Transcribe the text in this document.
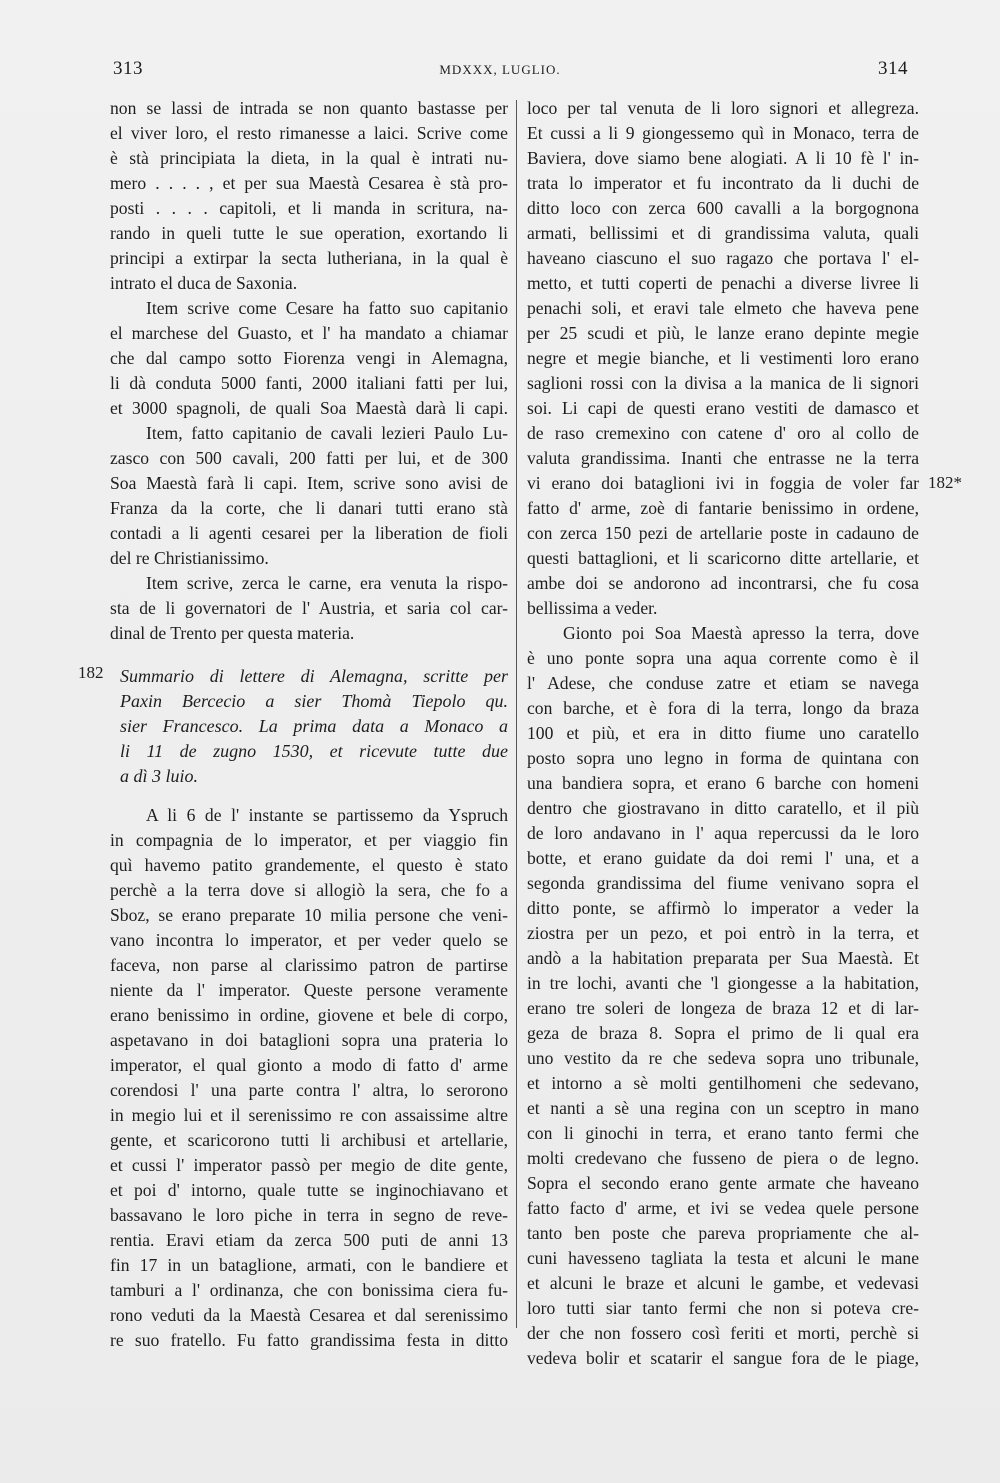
313	MDXXX, LUGLIO.	314
182
182*
non se lassi de intrada se non quanto bastasse per
el viver loro, el resto rimanesse a laici. Scrive come
è stà principiata la dieta, in la qual è intrati nu-
mero . . . . , et per sua Maestà Cesarea è stà pro-
posti . . . . capitoli, et li manda in scritura, na-
rando in queli tutte le sue operation, exortando li
principi a extirpar la secta lutheriana, in la qual è
intrato el duca de Saxonia.
Item scrive come Cesare ha fatto suo capitanio
el marchese del Guasto, et l' ha mandato a chiamar
che dal campo sotto Fiorenza vengi in Alemagna,
li dà conduta 5000 fanti, 2000 italiani fatti per lui,
et 3000 spagnoli, de quali Soa Maestà darà li capi.
Item, fatto capitanio de cavali lezieri Paulo Lu-
zasco con 500 cavali, 200 fatti per lui, et de 300
Soa Maestà farà li capi. Item, scrive sono avisi de
Franza da la corte, che li danari tutti erano stà
contadi a li agenti cesarei per la liberation de fioli
del re Christianissimo.
Item scrive, zerca le carne, era venuta la rispo-
sta de li governatori de l' Austria, et saria col car-
dinal de Trento per questa materia.
Summario di lettere di Alemagna, scritte per
Paxin Bercecio a sier Thomà Tiepolo qu.
sier Francesco. La prima data a Monaco a
li 11 de zugno 1530, et ricevute tutte due
a dì 3 luio.
A li 6 de l' instante se partissemo da Yspruch
in compagnia de lo imperator, et per viaggio fin
quì havemo patito grandemente, el questo è stato
perchè a la terra dove si allogiò la sera, che fo a
Sboz, se erano preparate 10 milia persone che veni-
vano incontra lo imperator, et per veder quelo se
faceva, non parse al clarissimo patron de partirse
niente da l' imperator. Queste persone veramente
erano benissimo in ordine, giovene et bele di corpo,
aspetavano in doi bataglioni sopra una prateria lo
imperator, el qual gionto a modo di fatto d' arme
corendosi l' una parte contra l' altra, lo serorono
in megio lui et il serenissimo re con assaissime altre
gente, et scaricorono tutti li archibusi et artellarie,
et cussi l' imperator passò per megio de dite gente,
et poi d' intorno, quale tutte se inginochiavano et
bassavano le loro piche in terra in segno de reve-
rentia. Eravi etiam da zerca 500 puti de anni 13
fin 17 in un bataglione, armati, con le bandiere et
tamburi a l' ordinanza, che con bonissima ciera fu-
rono veduti da la Maestà Cesarea et dal serenissimo
re suo fratello. Fu fatto grandissima festa in ditto
loco per tal venuta de li loro signori et allegreza.
Et cussi a li 9 giongessemo quì in Monaco, terra de
Baviera, dove siamo bene alogiati. A li 10 fè l' in-
trata lo imperator et fu incontrato da li duchi de
ditto loco con zerca 600 cavalli a la borgognona
armati, bellissimi et di grandissima valuta, quali
haveano ciascuno el suo ragazo che portava l' el-
metto, et tutti coperti de penachi a diverse livree li
penachi soli, et eravi tale elmeto che haveva pene
per 25 scudi et più, le lanze erano depinte megie
negre et megie bianche, et li vestimenti loro erano
saglioni rossi con la divisa a la manica de li signori
soi. Li capi de questi erano vestiti de damasco et
de raso cremexino con catene d' oro al collo de
valuta grandissima. Inanti che entrasse ne la terra
vi erano doi bataglioni ivi in foggia de voler far
fatto d' arme, zoè di fantarie benissimo in ordene,
con zerca 150 pezi de artellarie poste in cadauno de
questi battaglioni, et li scaricorno ditte artellarie, et
ambe doi se andorono ad incontrarsi, che fu cosa
bellissima a veder.
Gionto poi Soa Maestà apresso la terra, dove
è uno ponte sopra una aqua corrente como è il
l' Adese, che conduse zatre et etiam se navega
con barche, et è fora di la terra, longo da braza
100 et più, et era in ditto fiume uno caratello
posto sopra uno legno in forma de quintana con
una bandiera sopra, et erano 6 barche con homeni
dentro che giostravano in ditto caratello, et il più
de loro andavano in l' aqua repercussi da le loro
botte, et erano guidate da doi remi l' una, et a
segonda grandissima del fiume venivano sopra el
ditto ponte, se affirmò lo imperator a veder la
ziostra per un pezo, et poi entrò in la terra, et
andò a la habitation preparata per Sua Maestà. Et
in tre lochi, avanti che 'l giongesse a la habitation,
erano tre soleri de longeza de braza 12 et di lar-
geza de braza 8. Sopra el primo de li qual era
uno vestito da re che sedeva sopra uno tribunale,
et intorno a sè molti gentilhomeni che sedevano,
et nanti a sè una regina con un sceptro in mano
con li ginochi in terra, et erano tanto fermi che
molti credevano che fusseno de piera o de legno.
Sopra el secondo erano gente armate che haveano
fatto facto d' arme, et ivi se vedea quele persone
tanto ben poste che pareva propriamente che al-
cuni havesseno tagliata la testa et alcuni le mane
et alcuni le braze et alcuni le gambe, et vedevasi
loro tutti siar tanto fermi che non si poteva cre-
der che non fossero così feriti et morti, perchè si
vedeva bolir et scatarir el sangue fora de le piage,
